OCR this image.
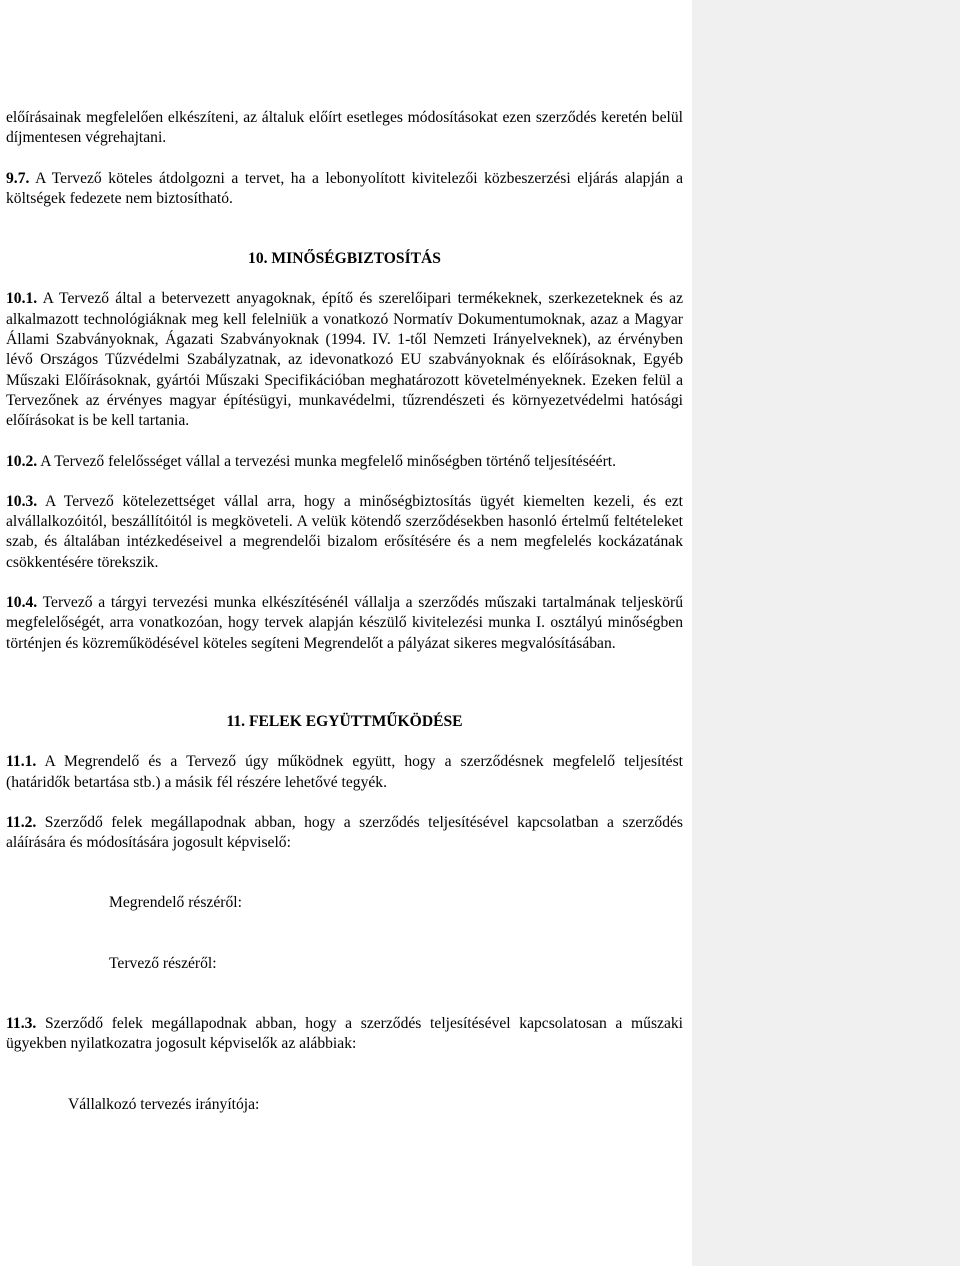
előírásainak megfelelően elkészíteni, az általuk előírt esetleges módosításokat ezen szerződés keretén belül díjmentesen végrehajtani.

9.7. A Tervező köteles átdolgozni a tervet, ha a lebonyolított kivitelezői közbeszerzési eljárás alapján a költségek fedezete nem biztosítható.

10. MINŐSÉGBIZTOSÍTÁS

10.1. A Tervező által a betervezett anyagoknak, építő és szerelőipari termékeknek, szerkezeteknek és az alkalmazott technológiáknak meg kell felelniük a vonatkozó Normatív Dokumentumoknak, azaz a Magyar Állami Szabványoknak, Ágazati Szabványoknak (1994. IV. 1-től Nemzeti Irányelveknek), az érvényben lévő Országos Tűzvédelmi Szabályzatnak, az idevonatkozó EU szabványoknak és előírásoknak, Egyéb Műszaki Előírásoknak, gyártói Műszaki Specifikációban meghatározott követelményeknek. Ezeken felül a Tervezőnek az érvényes magyar építésügyi, munkavédelmi, tűzrendészeti és környezetvédelmi hatósági előírásokat is be kell tartania.

10.2. A Tervező felelősséget vállal a tervezési munka megfelelő minőségben történő teljesítéséért.

10.3. A Tervező kötelezettséget vállal arra, hogy a minőségbiztosítás ügyét kiemelten kezeli, és ezt alvállalkozóitól, beszállítóitól is megköveteli. A velük kötendő szerződésekben hasonló értelmű feltételeket szab, és általában intézkedéseivel a megrendelői bizalom erősítésére és a nem megfelelés kockázatának csökkentésére törekszik.

10.4. Tervező a tárgyi tervezési munka elkészítésénél vállalja a szerződés műszaki tartalmának teljeskörű megfelelőségét, arra vonatkozóan, hogy tervek alapján készülő kivitelezési munka I. osztályú minőségben történjen és közreműködésével köteles segíteni Megrendelőt a pályázat sikeres megvalósításában.

11. FELEK EGYÜTTMŰKÖDÉSE

11.1. A Megrendelő és a Tervező úgy működnek együtt, hogy a szerződésnek megfelelő teljesítést (határidők betartása stb.) a másik fél részére lehetővé tegyék.

11.2. Szerződő felek megállapodnak abban, hogy a szerződés teljesítésével kapcsolatban a szerződés aláírására és módosítására jogosult képviselő:

Megrendelő részéről:

Tervező részéről:

11.3. Szerződő felek megállapodnak abban, hogy a szerződés teljesítésével kapcsolatosan a műszaki ügyekben nyilatkozatra jogosult képviselők az alábbiak:

Vállalkozó tervezés irányítója:
